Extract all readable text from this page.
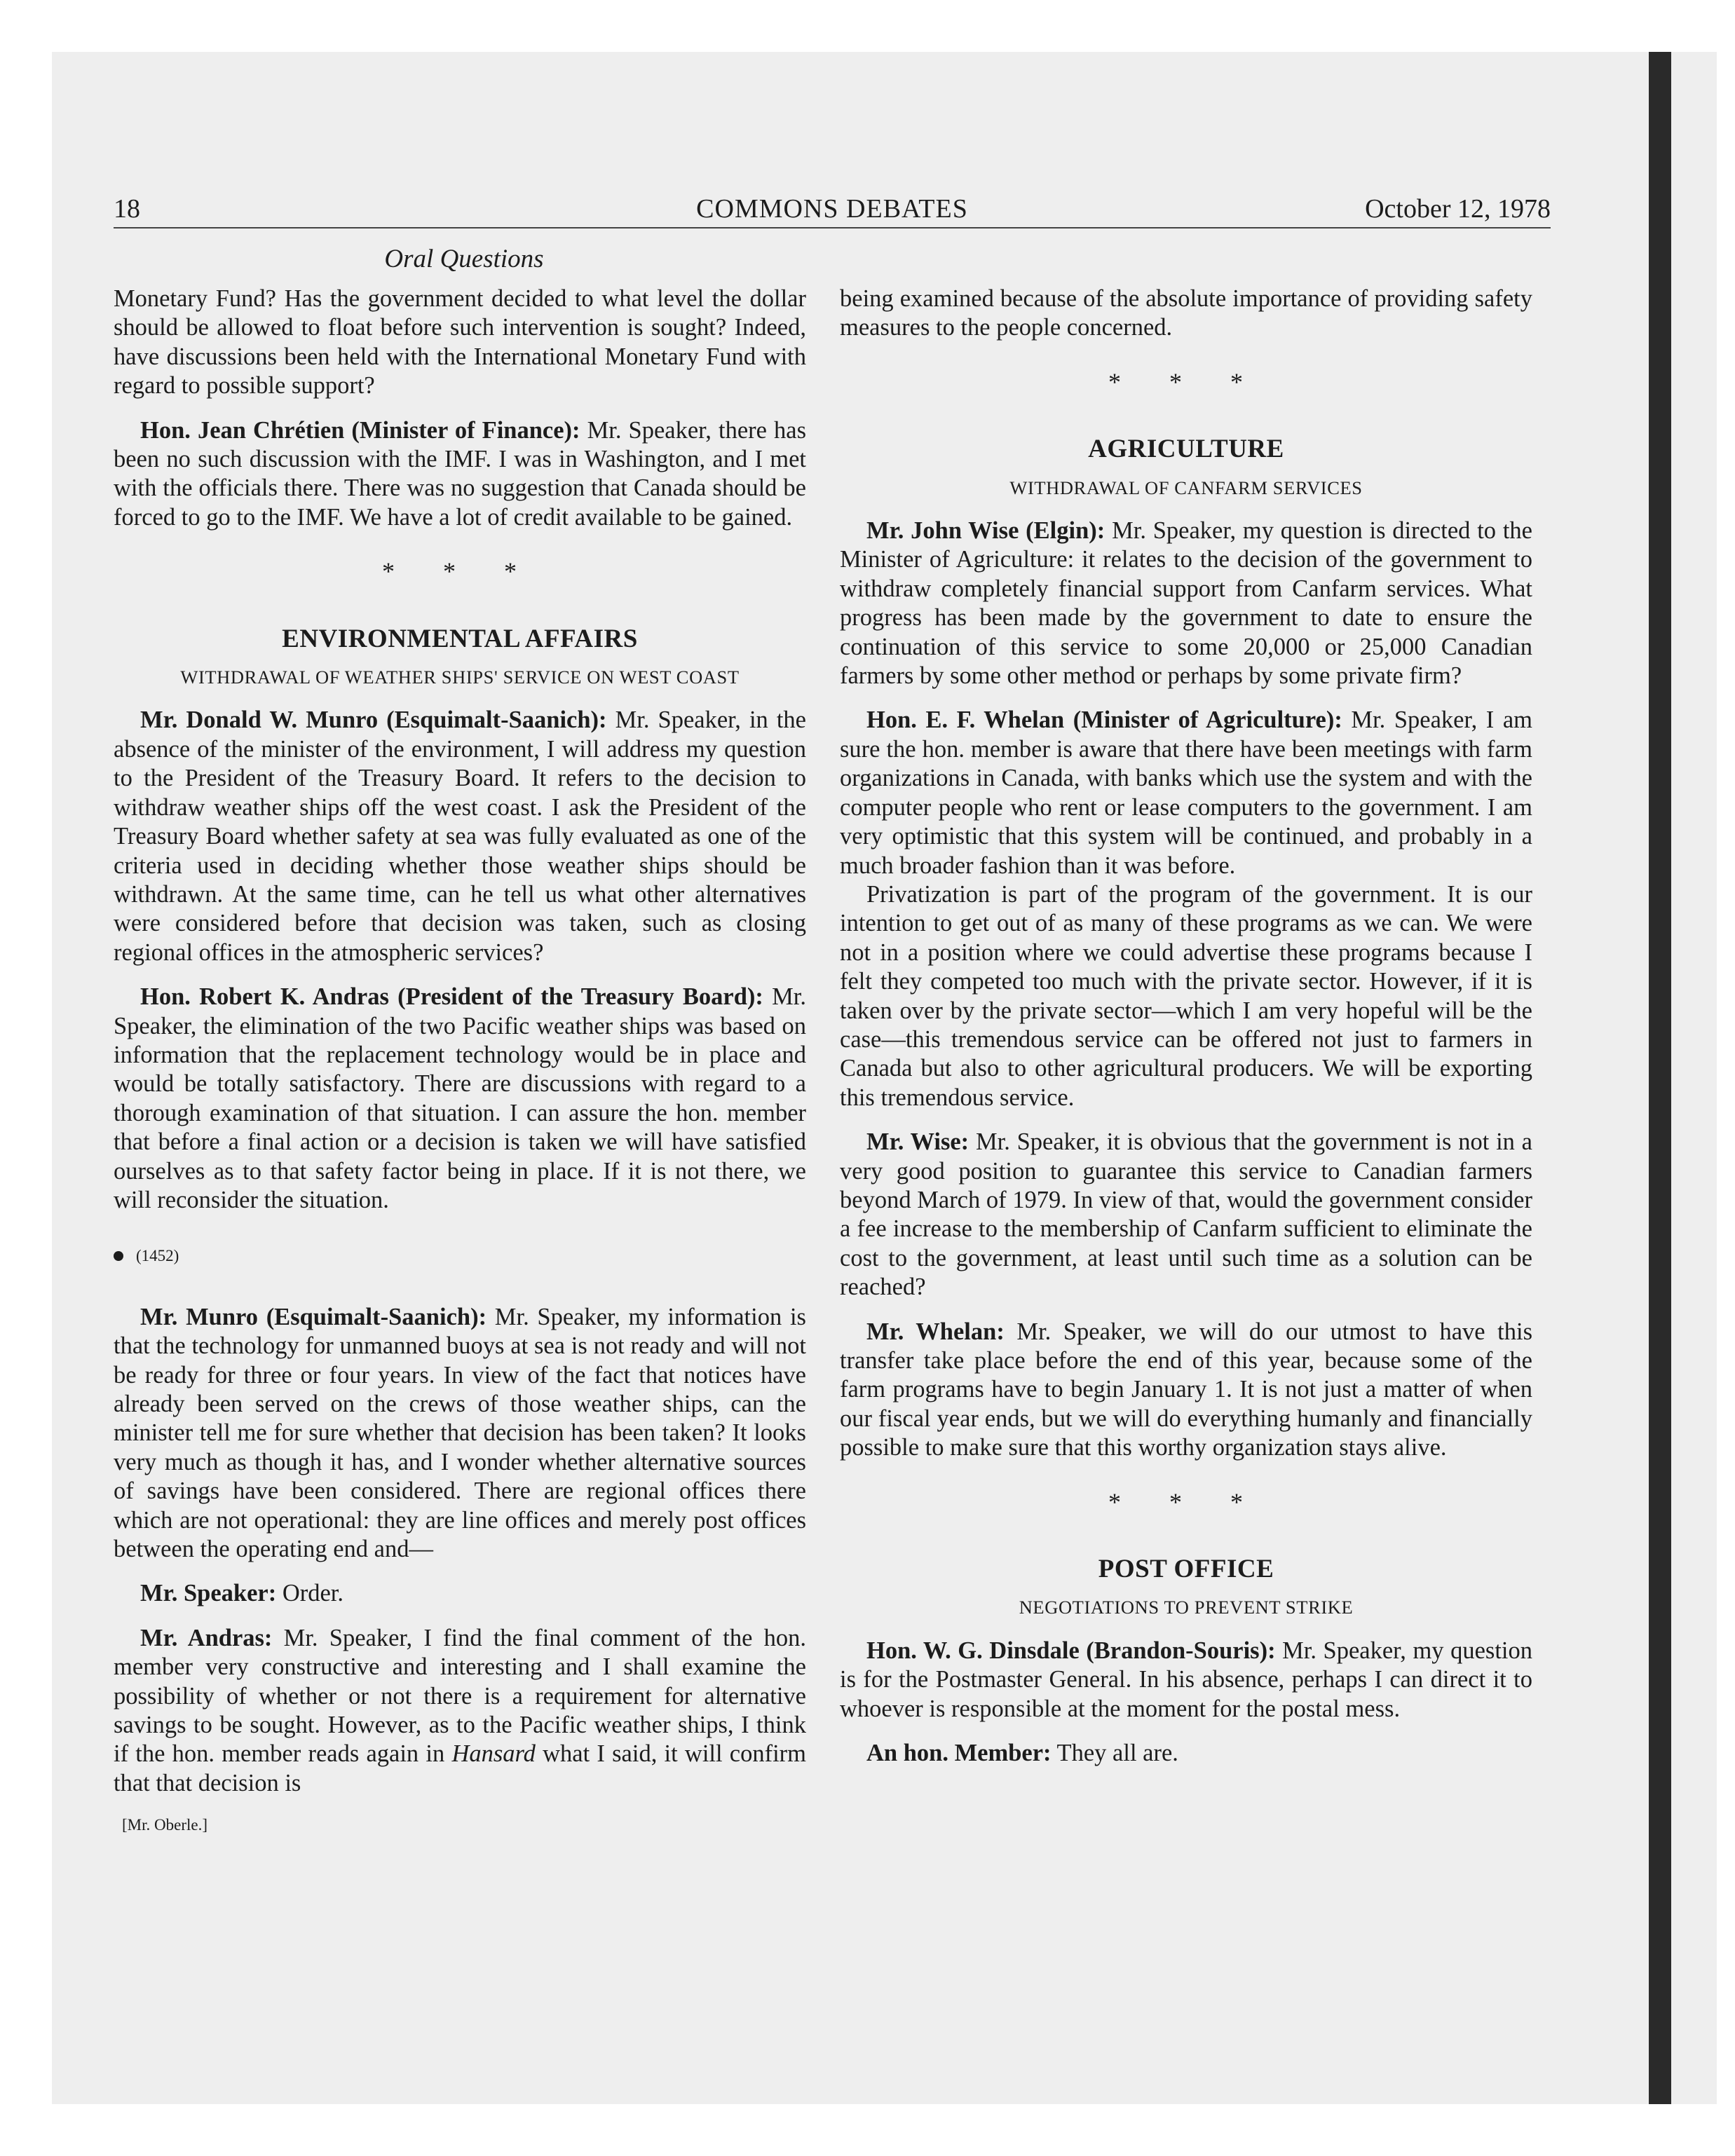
18	COMMONS DEBATES	October 12, 1978
Oral Questions

Monetary Fund? Has the government decided to what level the dollar should be allowed to float before such intervention is sought? Indeed, have discussions been held with the International Monetary Fund with regard to possible support?

Hon. Jean Chrétien (Minister of Finance): Mr. Speaker, there has been no such discussion with the IMF. I was in Washington, and I met with the officials there. There was no suggestion that Canada should be forced to go to the IMF. We have a lot of credit available to be gained.

* * *
ENVIRONMENTAL AFFAIRS
WITHDRAWAL OF WEATHER SHIPS' SERVICE ON WEST COAST

Mr. Donald W. Munro (Esquimalt-Saanich): Mr. Speaker, in the absence of the minister of the environment, I will address my question to the President of the Treasury Board. It refers to the decision to withdraw weather ships off the west coast. I ask the President of the Treasury Board whether safety at sea was fully evaluated as one of the criteria used in deciding whether those weather ships should be withdrawn. At the same time, can he tell us what other alternatives were considered before that decision was taken, such as closing regional offices in the atmospheric services?

Hon. Robert K. Andras (President of the Treasury Board): Mr. Speaker, the elimination of the two Pacific weather ships was based on information that the replacement technology would be in place and would be totally satisfactory. There are discussions with regard to a thorough examination of that situation. I can assure the hon. member that before a final action or a decision is taken we will have satisfied ourselves as to that safety factor being in place. If it is not there, we will reconsider the situation.

(1452)

Mr. Munro (Esquimalt-Saanich): Mr. Speaker, my information is that the technology for unmanned buoys at sea is not ready and will not be ready for three or four years. In view of the fact that notices have already been served on the crews of those weather ships, can the minister tell me for sure whether that decision has been taken? It looks very much as though it has, and I wonder whether alternative sources of savings have been considered. There are regional offices there which are not operational: they are line offices and merely post offices between the operating end and—

Mr. Speaker: Order.

Mr. Andras: Mr. Speaker, I find the final comment of the hon. member very constructive and interesting and I shall examine the possibility of whether or not there is a requirement for alternative savings to be sought. However, as to the Pacific weather ships, I think if the hon. member reads again in Hansard what I said, it will confirm that that decision is

[Mr. Oberle.]

being examined because of the absolute importance of providing safety measures to the people concerned.

* * *
AGRICULTURE
WITHDRAWAL OF CANFARM SERVICES

Mr. John Wise (Elgin): Mr. Speaker, my question is directed to the Minister of Agriculture: it relates to the decision of the government to withdraw completely financial support from Canfarm services. What progress has been made by the government to date to ensure the continuation of this service to some 20,000 or 25,000 Canadian farmers by some other method or perhaps by some private firm?

Hon. E. F. Whelan (Minister of Agriculture): Mr. Speaker, I am sure the hon. member is aware that there have been meetings with farm organizations in Canada, with banks which use the system and with the computer people who rent or lease computers to the government. I am very optimistic that this system will be continued, and probably in a much broader fashion than it was before.

Privatization is part of the program of the government. It is our intention to get out of as many of these programs as we can. We were not in a position where we could advertise these programs because I felt they competed too much with the private sector. However, if it is taken over by the private sector—which I am very hopeful will be the case—this tremendous service can be offered not just to farmers in Canada but also to other agricultural producers. We will be exporting this tremendous service.

Mr. Wise: Mr. Speaker, it is obvious that the government is not in a very good position to guarantee this service to Canadian farmers beyond March of 1979. In view of that, would the government consider a fee increase to the membership of Canfarm sufficient to eliminate the cost to the government, at least until such time as a solution can be reached?

Mr. Whelan: Mr. Speaker, we will do our utmost to have this transfer take place before the end of this year, because some of the farm programs have to begin January 1. It is not just a matter of when our fiscal year ends, but we will do everything humanly and financially possible to make sure that this worthy organization stays alive.

* * *
POST OFFICE
NEGOTIATIONS TO PREVENT STRIKE

Hon. W. G. Dinsdale (Brandon-Souris): Mr. Speaker, my question is for the Postmaster General. In his absence, perhaps I can direct it to whoever is responsible at the moment for the postal mess.

An hon. Member: They all are.
